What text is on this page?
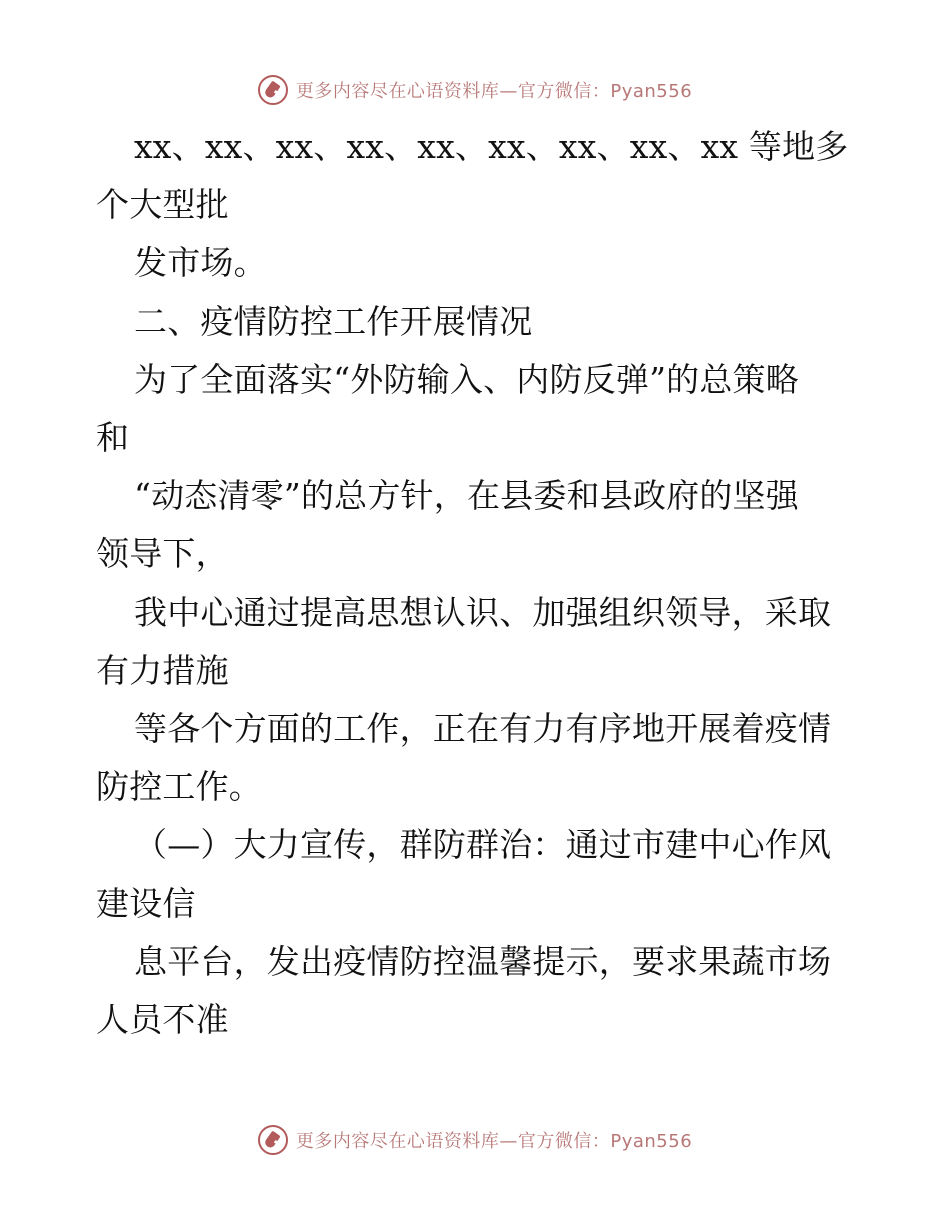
更多内容尽在心语资料库—官方微信：Pyan556
xx、xx、xx、xx、xx、xx、xx、xx、xx 等地多
个大型批
发市场。
二、疫情防控工作开展情况
为了全面落实“外防输入、内防反弹”的总策略
和
“动态清零”的总方针，在县委和县政府的坚强
领导下，
我中心通过提高思想认识、加强组织领导，采取
有力措施
等各个方面的工作，正在有力有序地开展着疫情
防控工作。
（—）大力宣传，群防群治：通过市建中心作风
建设信
息平台，发出疫情防控温馨提示，要求果蔬市场
人员不准
更多内容尽在心语资料库—官方微信：Pyan556
